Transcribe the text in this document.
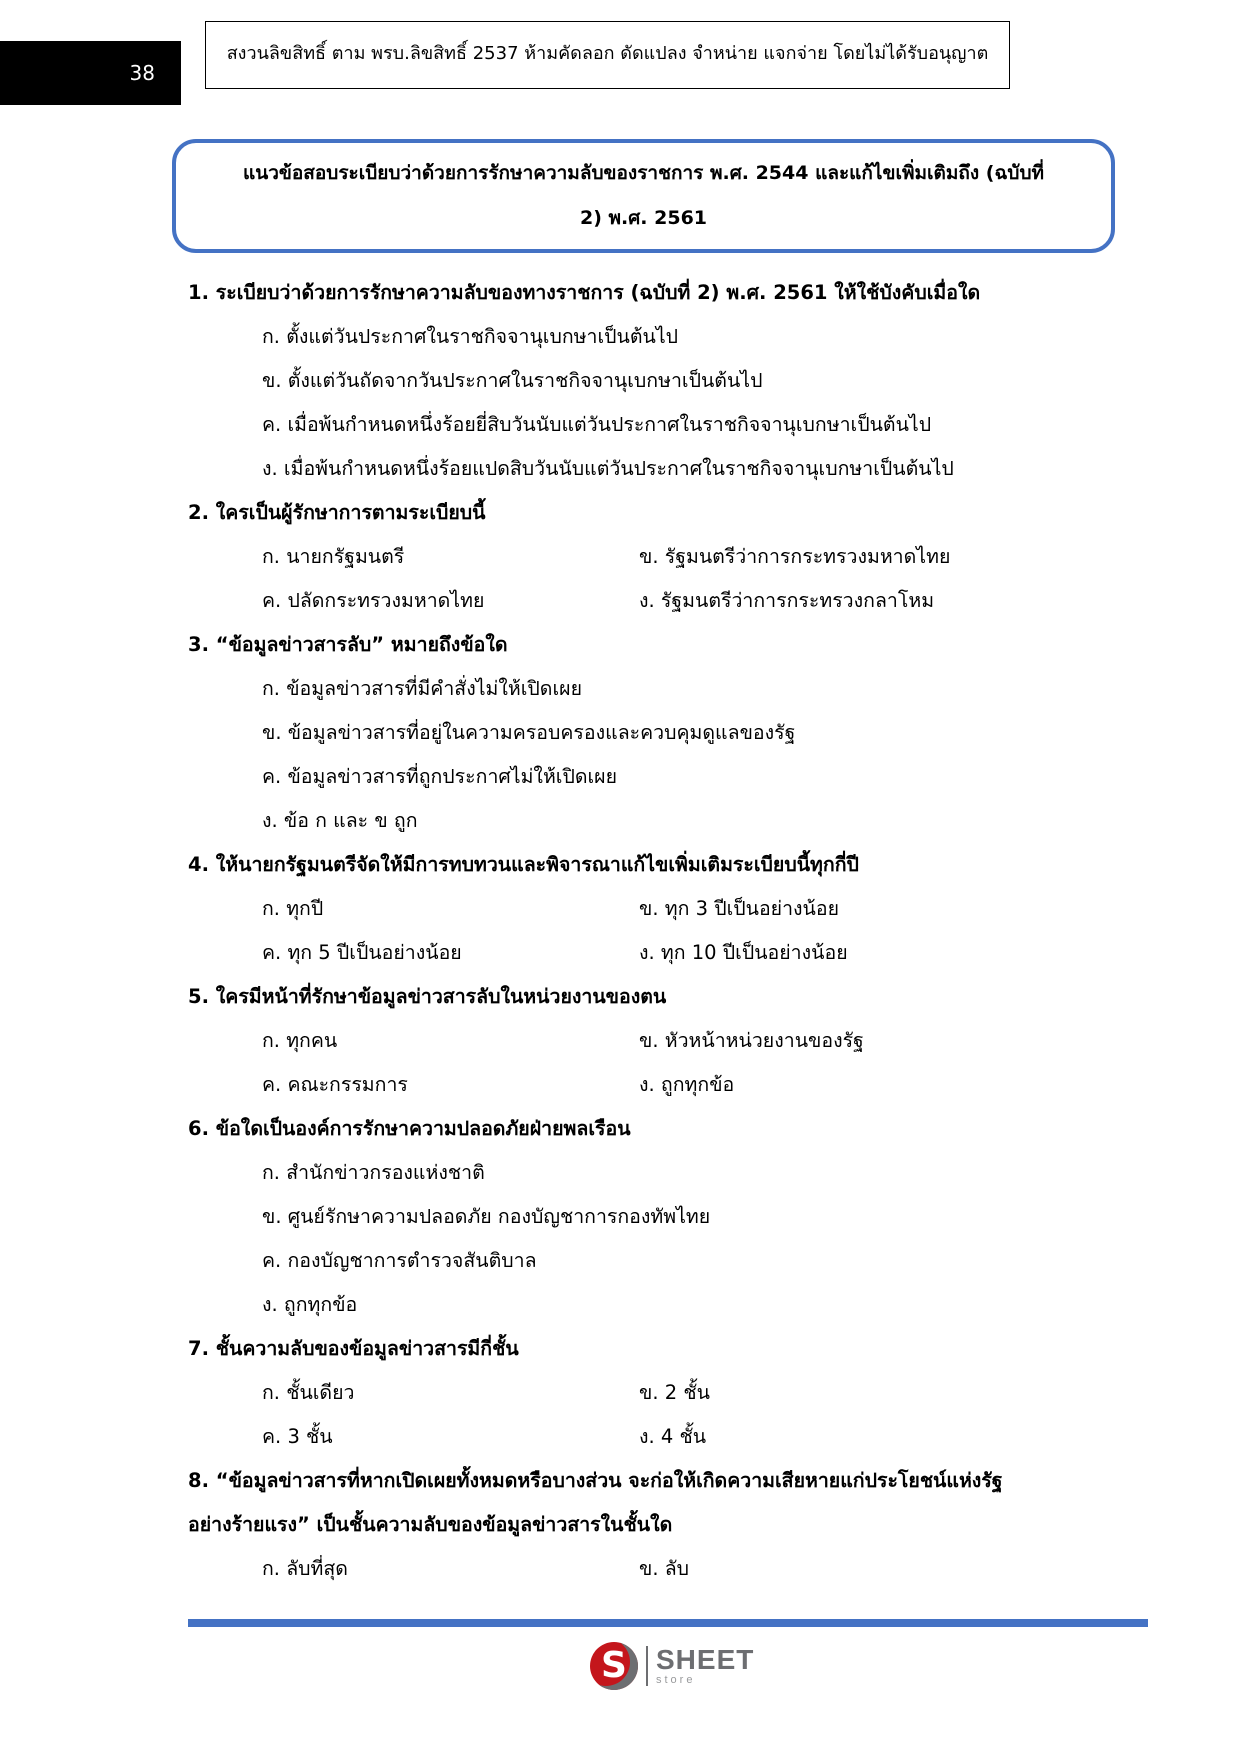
38
สงวนลิขสิทธิ์ ตาม พรบ.ลิขสิทธิ์ 2537 ห้ามคัดลอก ดัดแปลง จำหน่าย แจกจ่าย โดยไม่ได้รับอนุญาต
แนวข้อสอบระเบียบว่าด้วยการรักษาความลับของราชการ พ.ศ. 2544 และแก้ไขเพิ่มเติมถึง (ฉบับที่
2) พ.ศ. 2561
1. ระเบียบว่าด้วยการรักษาความลับของทางราชการ (ฉบับที่ 2) พ.ศ. 2561 ให้ใช้บังคับเมื่อใด
ก. ตั้งแต่วันประกาศในราชกิจจานุเบกษาเป็นต้นไป
ข. ตั้งแต่วันถัดจากวันประกาศในราชกิจจานุเบกษาเป็นต้นไป
ค. เมื่อพ้นกำหนดหนึ่งร้อยยี่สิบวันนับแต่วันประกาศในราชกิจจานุเบกษาเป็นต้นไป
ง. เมื่อพ้นกำหนดหนึ่งร้อยแปดสิบวันนับแต่วันประกาศในราชกิจจานุเบกษาเป็นต้นไป
2. ใครเป็นผู้รักษาการตามระเบียบนี้
ก. นายกรัฐมนตรี	ข. รัฐมนตรีว่าการกระทรวงมหาดไทย
ค. ปลัดกระทรวงมหาดไทย	ง. รัฐมนตรีว่าการกระทรวงกลาโหม
3. “ข้อมูลข่าวสารลับ” หมายถึงข้อใด
ก. ข้อมูลข่าวสารที่มีคำสั่งไม่ให้เปิดเผย
ข. ข้อมูลข่าวสารที่อยู่ในความครอบครองและควบคุมดูแลของรัฐ
ค. ข้อมูลข่าวสารที่ถูกประกาศไม่ให้เปิดเผย
ง. ข้อ ก และ ข ถูก
4. ให้นายกรัฐมนตรีจัดให้มีการทบทวนและพิจารณาแก้ไขเพิ่มเติมระเบียบนี้ทุกกี่ปี
ก. ทุกปี	ข. ทุก 3 ปีเป็นอย่างน้อย
ค. ทุก 5 ปีเป็นอย่างน้อย	ง. ทุก 10 ปีเป็นอย่างน้อย
5. ใครมีหน้าที่รักษาข้อมูลข่าวสารลับในหน่วยงานของตน
ก. ทุกคน	ข. หัวหน้าหน่วยงานของรัฐ
ค. คณะกรรมการ	ง. ถูกทุกข้อ
6. ข้อใดเป็นองค์การรักษาความปลอดภัยฝ่ายพลเรือน
ก. สำนักข่าวกรองแห่งชาติ
ข. ศูนย์รักษาความปลอดภัย กองบัญชาการกองทัพไทย
ค. กองบัญชาการตำรวจสันติบาล
ง. ถูกทุกข้อ
7. ชั้นความลับของข้อมูลข่าวสารมีกี่ชั้น
ก. ชั้นเดียว	ข. 2 ชั้น
ค. 3 ชั้น	ง. 4 ชั้น
8. “ข้อมูลข่าวสารที่หากเปิดเผยทั้งหมดหรือบางส่วน จะก่อให้เกิดความเสียหายแก่ประโยชน์แห่งรัฐ
อย่างร้ายแรง” เป็นชั้นความลับของข้อมูลข่าวสารในชั้นใด
ก. ลับที่สุด	ข. ลับ
S	SHEET
store
